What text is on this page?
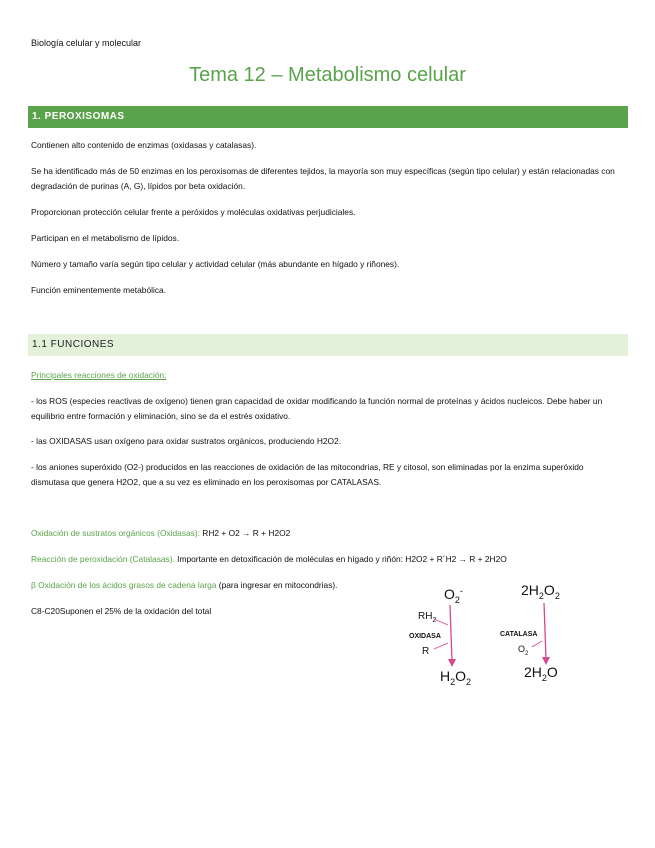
Biología celular y molecular
Tema 12 – Metabolismo celular
1. PEROXISOMAS
Contienen alto contenido de enzimas (oxidasas y catalasas).
Se ha identificado más de 50 enzimas en los peroxisomas de diferentes tejidos, la mayoría son muy específicas (según tipo celular) y están relacionadas con degradación de purinas (A, G), lípidos por beta oxidación.
Proporcionan protección celular frente a peróxidos y moléculas oxidativas perjudiciales.
Participan en el metabolismo de lípidos.
Número y tamaño varía según tipo celular y actividad celular (más abundante en hígado y riñones).
Función eminentemente metabólica.
1.1 FUNCIONES
Principales reacciones de oxidación:
- los ROS (especies reactivas de oxígeno) tienen gran capacidad de oxidar modificando la función normal de proteínas y ácidos nucleicos. Debe haber un equilibrio entre formación y eliminación, sino se da el estrés oxidativo.
- las OXIDASAS usan oxígeno para oxidar sustratos orgánicos, produciendo H2O2.
- los aniones superóxido (O2-) producidos en las reacciones de oxidación de las mitocondrias, RE y citosol, son eliminadas por la enzima superóxido dismutasa que genera H2O2, que a su vez es eliminado en los peroxisomas por CATALASAS.
Oxidación de sustratos orgánicos (Oxidasas): RH2 + O2 → R + H2O2
Reacción de peroxidación (Catalasas). Importante en detoxificación de moléculas en hígado y riñón: H2O2 + R´H2 → R + 2H2O
β Oxidación de los ácidos grasos de cadena larga (para ingresar en mitocondrias).
C8-C20Suponen el 25% de la oxidación del total
$O_2^-$
$RH_2$
OXIDASA
R
$H_2O_2$
$2H_2O_2$
CATALASA
$O_2$
$2H_2O$
